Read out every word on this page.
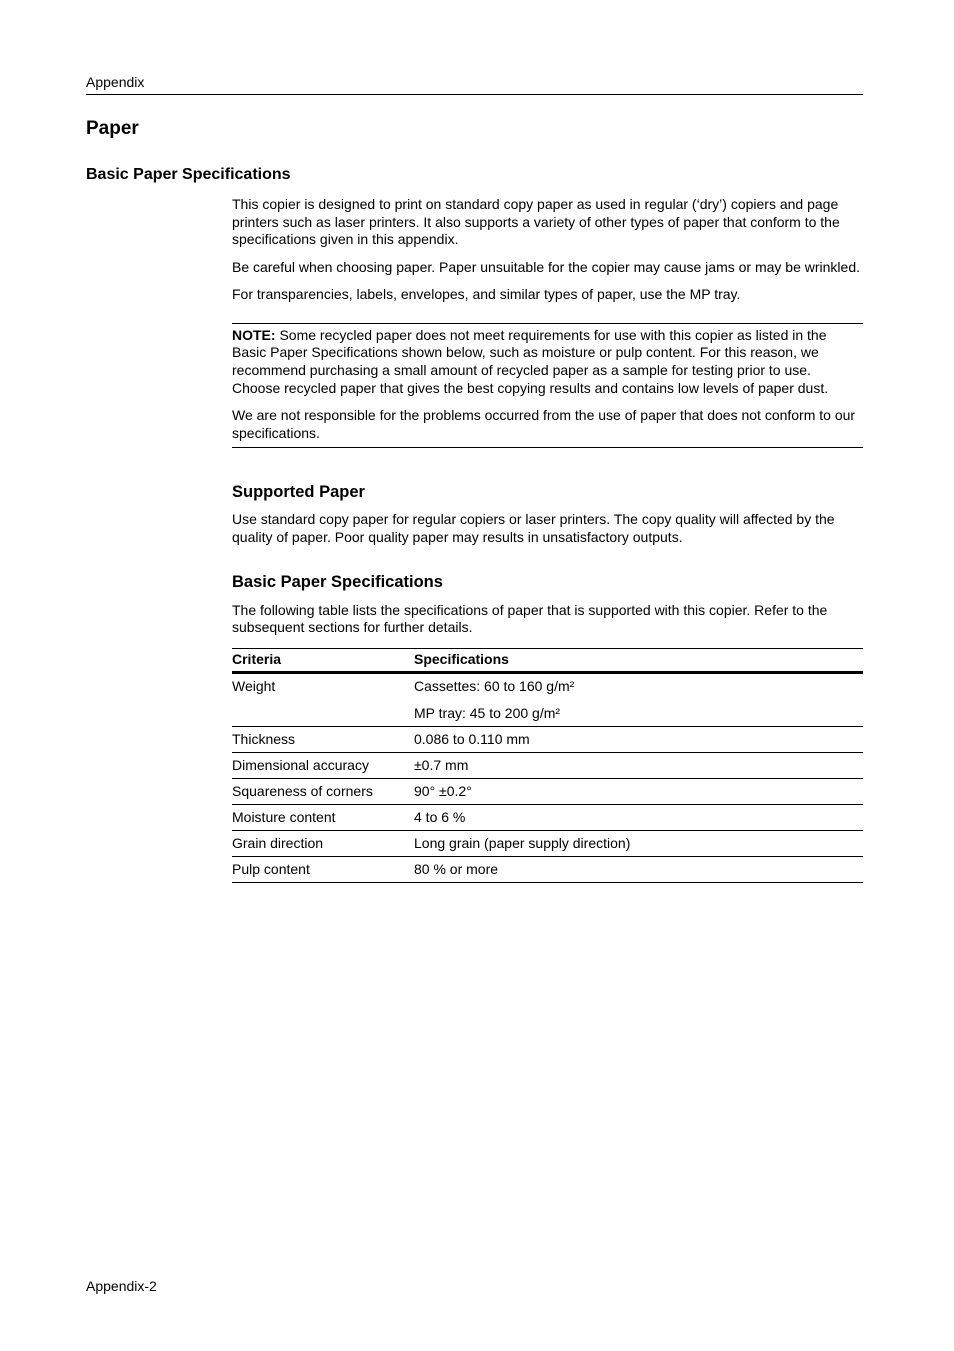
Appendix
Paper
Basic Paper Specifications

This copier is designed to print on standard copy paper as used in regular (‘dry’) copiers and page printers such as laser printers. It also supports a variety of other types of paper that conform to the specifications given in this appendix.

Be careful when choosing paper. Paper unsuitable for the copier may cause jams or may be wrinkled.

For transparencies, labels, envelopes, and similar types of paper, use the MP tray.

NOTE: Some recycled paper does not meet requirements for use with this copier as listed in the Basic Paper Specifications shown below, such as moisture or pulp content. For this reason, we recommend purchasing a small amount of recycled paper as a sample for testing prior to use. Choose recycled paper that gives the best copying results and contains low levels of paper dust.

We are not responsible for the problems occurred from the use of paper that does not conform to our specifications.

Supported Paper

Use standard copy paper for regular copiers or laser printers. The copy quality will affected by the quality of paper. Poor quality paper may results in unsatisfactory outputs.

Basic Paper Specifications

The following table lists the specifications of paper that is supported with this copier. Refer to the subsequent sections for further details.

Criteria	Specifications
Weight	Cassettes: 60 to 160 g/m²
MP tray: 45 to 200 g/m²

Thickness	0.086 to 0.110 mm

Dimensional accuracy	±0.7 mm

Squareness of corners	90° ±0.2°

Moisture content	4 to 6 %

Grain direction	Long grain (paper supply direction)

Pulp content	80 % or more
Appendix-2
